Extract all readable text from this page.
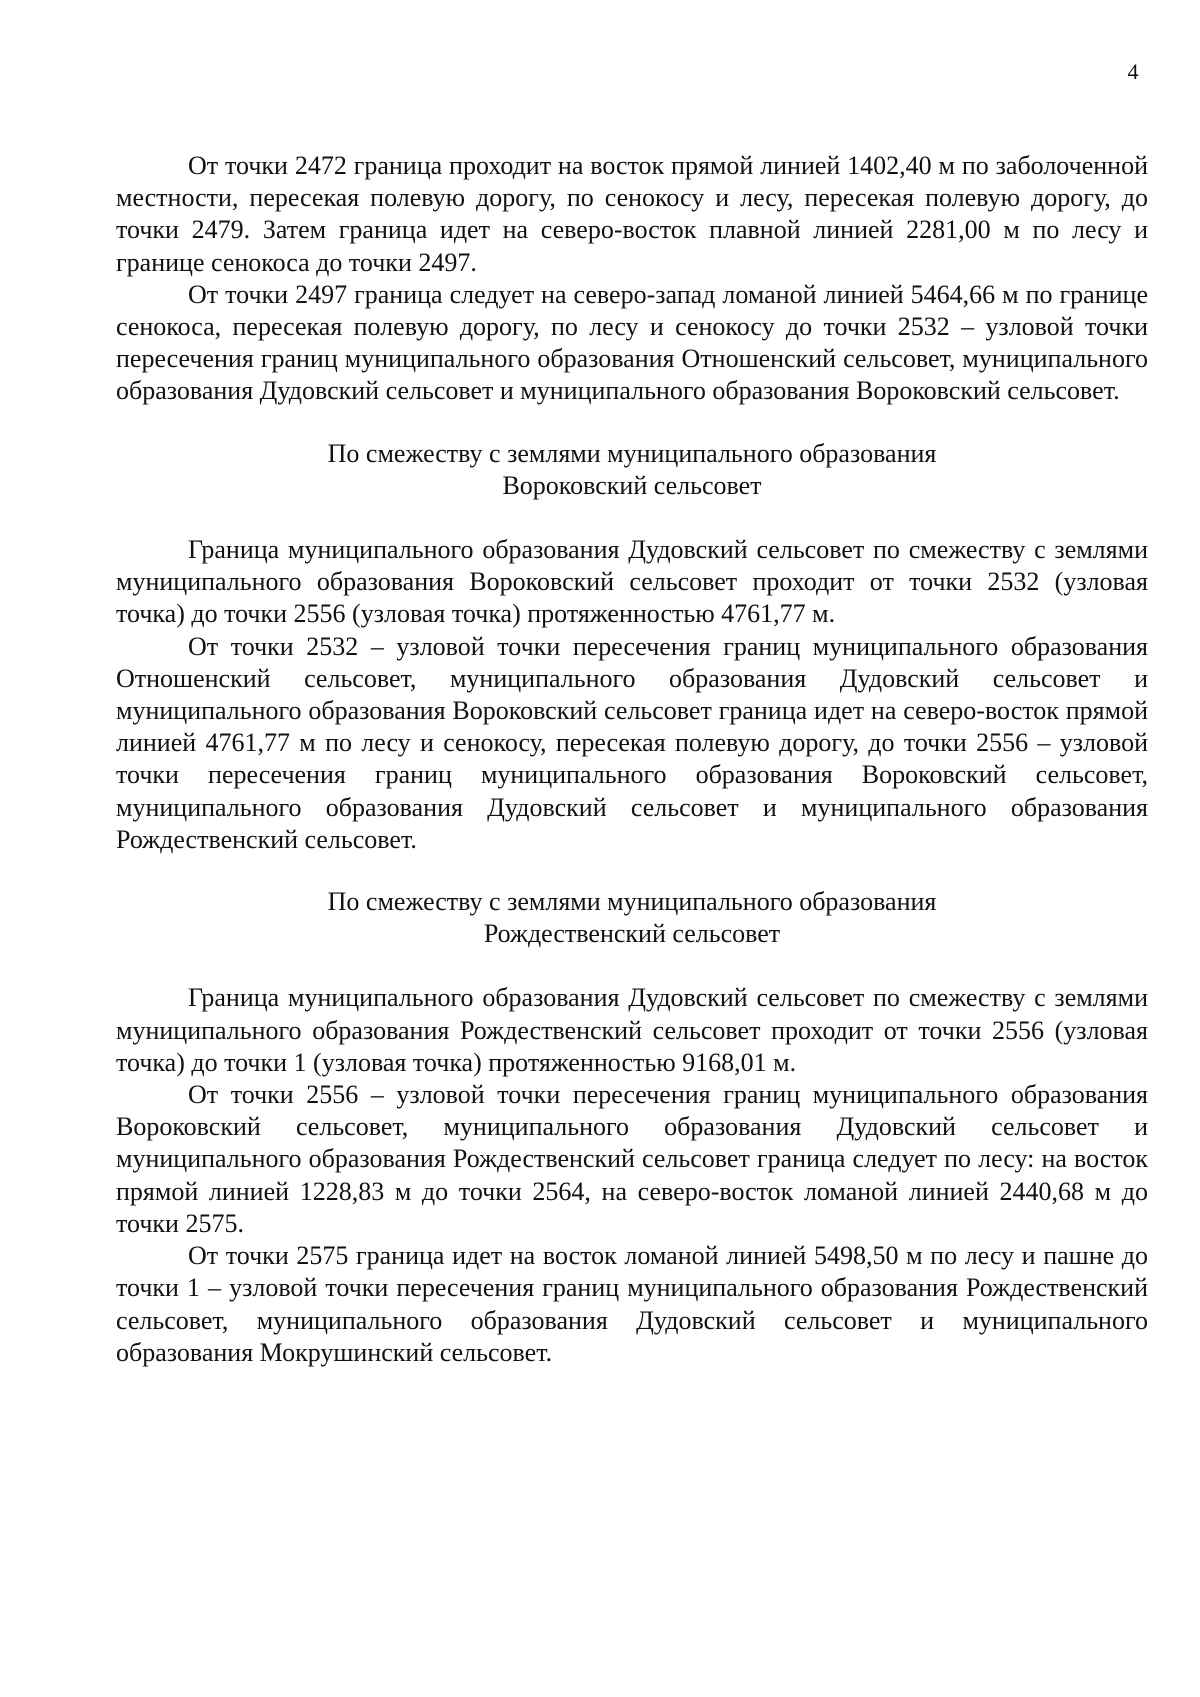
4

От точки 2472 граница проходит на восток прямой линией 1402,40 м по заболоченной местности, пересекая полевую дорогу, по сенокосу и лесу, пересекая полевую дорогу, до точки 2479. Затем граница идет на северо-восток плавной линией 2281,00 м по лесу и границе сенокоса до точки 2497.

От точки 2497 граница следует на северо-запад ломаной линией 5464,66 м по границе сенокоса, пересекая полевую дорогу, по лесу и сенокосу до точки 2532 – узловой точки пересечения границ муниципального образования Отношенский сельсовет, муниципального образования Дудовский сельсовет и муниципального образования Вороковский сельсовет.

По смежеству с землями муниципального образования

Вороковский сельсовет

Граница муниципального образования Дудовский сельсовет по смежеству с землями муниципального образования Вороковский сельсовет проходит от точки 2532 (узловая точка) до точки 2556 (узловая точка) протяженностью 4761,77 м.

От точки 2532 – узловой точки пересечения границ муниципального образования Отношенский сельсовет, муниципального образования Дудовский сельсовет и муниципального образования Вороковский сельсовет граница идет на северо-восток прямой линией 4761,77 м по лесу и сенокосу, пересекая полевую дорогу, до точки 2556 – узловой точки пересечения границ муниципального образования Вороковский сельсовет, муниципального образования Дудовский сельсовет и муниципального образования Рождественский сельсовет.

По смежеству с землями муниципального образования

Рождественский сельсовет

Граница муниципального образования Дудовский сельсовет по смежеству с землями муниципального образования Рождественский сельсовет проходит от точки 2556 (узловая точка) до точки 1 (узловая точка) протяженностью 9168,01 м.

От точки 2556 – узловой точки пересечения границ муниципального образования Вороковский сельсовет, муниципального образования Дудовский сельсовет и муниципального образования Рождественский сельсовет граница следует по лесу: на восток прямой линией 1228,83 м до точки 2564, на северо-восток ломаной линией 2440,68 м до точки 2575.

От точки 2575 граница идет на восток ломаной линией 5498,50 м по лесу и пашне до точки 1 – узловой точки пересечения границ муниципального образования Рождественский сельсовет, муниципального образования Дудовский сельсовет и муниципального образования Мокрушинский сельсовет.
